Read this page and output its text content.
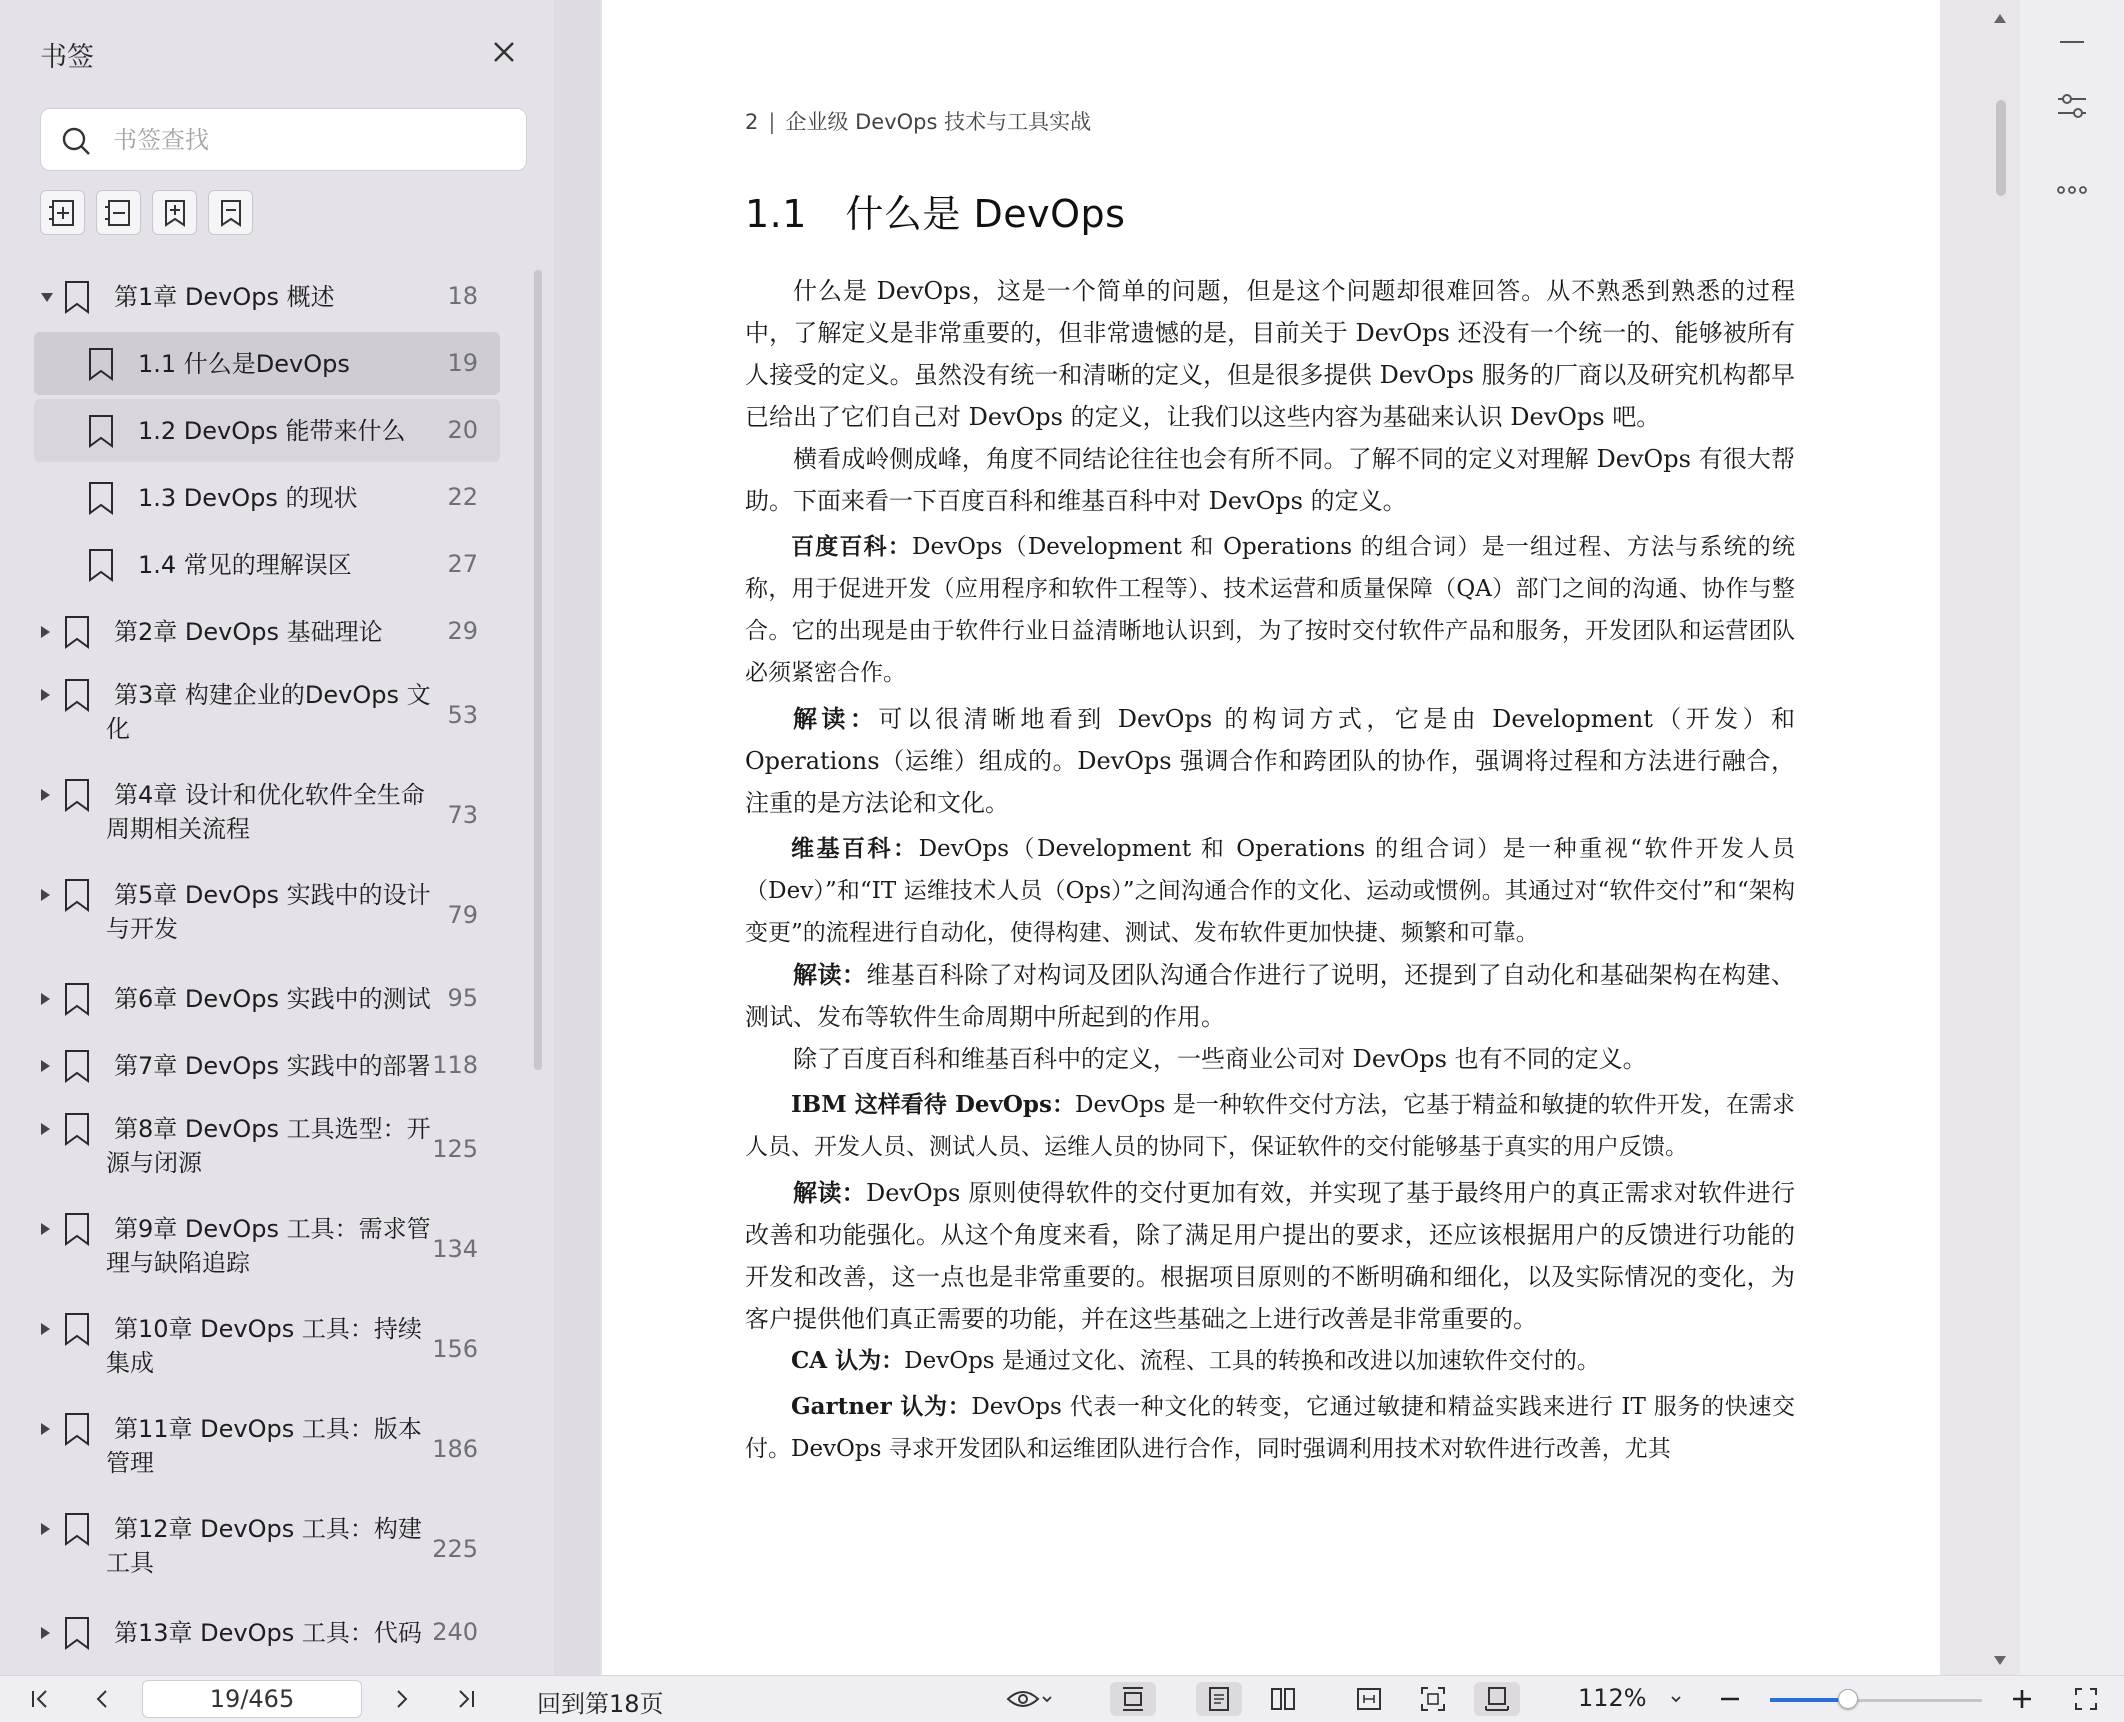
书签
书签查找
第1章 DevOps 概述	18
1.1 什么是DevOps	19
1.2 DevOps 能带来什么	20
1.3 DevOps 的现状	22
1.4 常见的理解误区	27
第2章 DevOps 基础理论	29
第3章 构建企业的DevOps 文
化	53
第4章 设计和优化软件全生命
周期相关流程	73
第5章 DevOps 实践中的设计
与开发	79
第6章 DevOps 实践中的测试 95
第7章 DevOps 实践中的部署 118
第8章 DevOps 工具选型：开
源与闭源	125
第9章 DevOps 工具：需求管
理与缺陷追踪	134
第10章 DevOps 工具：持续
集成	156
第11章 DevOps 工具：版本
管理	186
第12章 DevOps 工具：构建
工具	225
第13章 DevOps 工具：代码 240
2 | 企业级 DevOps 技术与工具实战
1.1　什么是 DevOps

什么是 DevOps，这是一个简单的问题，但是这个问题却很难回答。从不熟悉到熟悉的过程中，了解定义是非常重要的，但非常遗憾的是，目前关于 DevOps 还没有一个统一的、能够被所有人接受的定义。虽然没有统一和清晰的定义，但是很多提供 DevOps 服务的厂商以及研究机构都早已给出了它们自己对 DevOps 的定义，让我们以这些内容为基础来认识 DevOps 吧。

横看成岭侧成峰，角度不同结论往往也会有所不同。了解不同的定义对理解 DevOps 有很大帮助。下面来看一下百度百科和维基百科中对 DevOps 的定义。

百度百科：DevOps（Development 和 Operations 的组合词）是一组过程、方法与系统的统称，用于促进开发（应用程序和软件工程等）、技术运营和质量保障（QA）部门之间的沟通、协作与整合。它的出现是由于软件行业日益清晰地认识到，为了按时交付软件产品和服务，开发团队和运营团队必须紧密合作。

解读：可以很清晰地看到 DevOps 的构词方式，它是由 Development（开发）和 Operations（运维）组成的。DevOps 强调合作和跨团队的协作，强调将过程和方法进行融合，注重的是方法论和文化。

维基百科：DevOps（Development 和 Operations 的组合词）是一种重视“软件开发人员（Dev）”和“IT 运维技术人员（Ops）”之间沟通合作的文化、运动或惯例。其通过对“软件交付”和“架构变更”的流程进行自动化，使得构建、测试、发布软件更加快捷、频繁和可靠。

解读：维基百科除了对构词及团队沟通合作进行了说明，还提到了自动化和基础架构在构建、测试、发布等软件生命周期中所起到的作用。

除了百度百科和维基百科中的定义，一些商业公司对 DevOps 也有不同的定义。

IBM 这样看待 DevOps：DevOps 是一种软件交付方法，它基于精益和敏捷的软件开发，在需求人员、开发人员、测试人员、运维人员的协同下，保证软件的交付能够基于真实的用户反馈。

解读：DevOps 原则使得软件的交付更加有效，并实现了基于最终用户的真正需求对软件进行改善和功能强化。从这个角度来看，除了满足用户提出的要求，还应该根据用户的反馈进行功能的开发和改善，这一点也是非常重要的。根据项目原则的不断明确和细化，以及实际情况的变化，为客户提供他们真正需要的功能，并在这些基础之上进行改善是非常重要的。

CA 认为：DevOps 是通过文化、流程、工具的转换和改进以加速软件交付的。

Gartner 认为：DevOps 代表一种文化的转变，它通过敏捷和精益实践来进行 IT 服务的快速交付。DevOps 寻求开发团队和运维团队进行合作，同时强调利用技术对软件进行改善，尤其

19/465	回到第18页	112%
